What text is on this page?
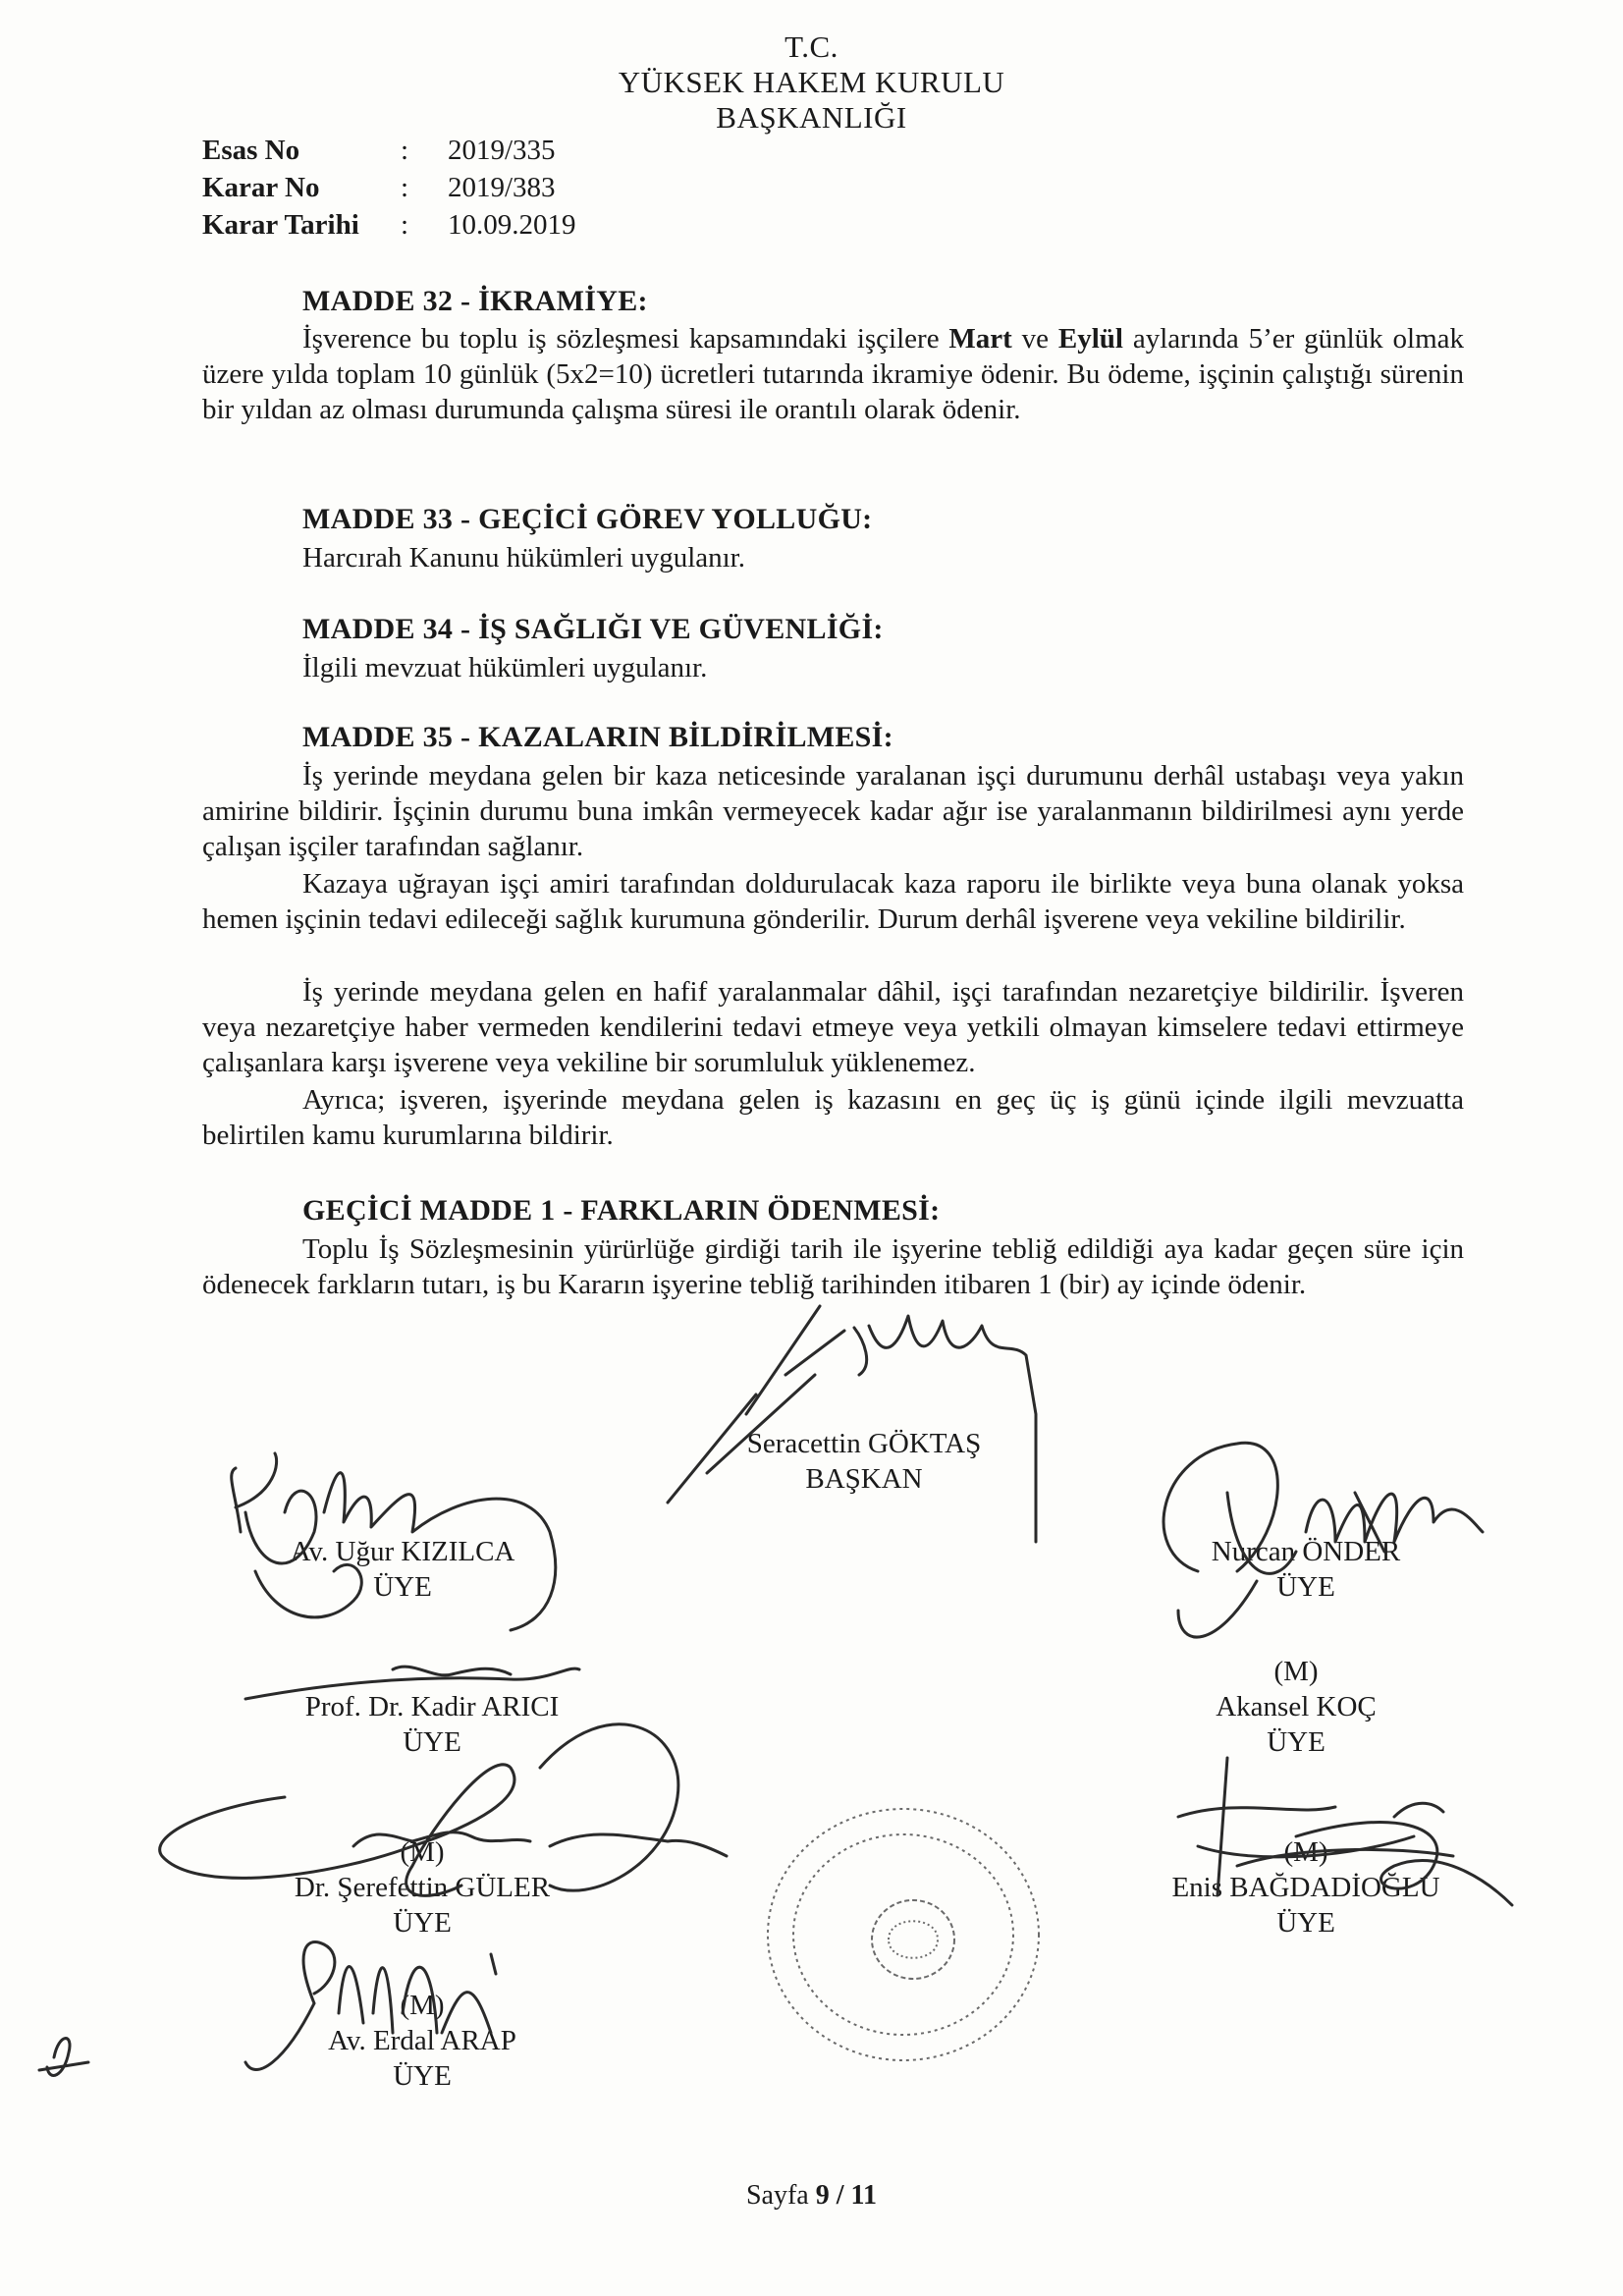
T.C.
YÜKSEK HAKEM KURULU
BAŞKANLIĞI
Esas No	: 2019/335
Karar No	: 2019/383
Karar Tarihi : 10.09.2019
MADDE 32 - İKRAMİYE:
İşverence bu toplu iş sözleşmesi kapsamındaki işçilere Mart ve Eylül aylarında 5’er günlük olmak üzere yılda toplam 10 günlük (5x2=10) ücretleri tutarında ikramiye ödenir. Bu ödeme, işçinin çalıştığı sürenin bir yıldan az olması durumunda çalışma süresi ile orantılı olarak ödenir.
MADDE 33 - GEÇİCİ GÖREV YOLLUĞU:
Harcırah Kanunu hükümleri uygulanır.
MADDE 34 - İŞ SAĞLIĞI VE GÜVENLİĞİ:
İlgili mevzuat hükümleri uygulanır.
MADDE 35 - KAZALARIN BİLDİRİLMESİ:
İş yerinde meydana gelen bir kaza neticesinde yaralanan işçi durumunu derhâl ustabaşı veya yakın amirine bildirir. İşçinin durumu buna imkân vermeyecek kadar ağır ise yaralanmanın bildirilmesi aynı yerde çalışan işçiler tarafından sağlanır.
Kazaya uğrayan işçi amiri tarafından doldurulacak kaza raporu ile birlikte veya buna olanak yoksa hemen işçinin tedavi edileceği sağlık kurumuna gönderilir. Durum derhâl işverene veya vekiline bildirilir.
İş yerinde meydana gelen en hafif yaralanmalar dâhil, işçi tarafından nezaretçiye bildirilir. İşveren veya nezaretçiye haber vermeden kendilerini tedavi etmeye veya yetkili olmayan kimselere tedavi ettirmeye çalışanlara karşı işverene veya vekiline bir sorumluluk yüklenemez.
Ayrıca; işveren, işyerinde meydana gelen iş kazasını en geç üç iş günü içinde ilgili mevzuatta belirtilen kamu kurumlarına bildirir.
GEÇİCİ MADDE 1 - FARKLARIN ÖDENMESİ:
Toplu İş Sözleşmesinin yürürlüğe girdiği tarih ile işyerine tebliğ edildiği aya kadar geçen süre için ödenecek farkların tutarı, iş bu Kararın işyerine tebliğ tarihinden itibaren 1 (bir) ay içinde ödenir.
Seracettin GÖKTAŞ
BAŞKAN
Av. Uğur KIZILCA
ÜYE
Nurcan ÖNDER
ÜYE
Prof. Dr. Kadir ARICI
ÜYE
(M)
Akansel KOÇ
ÜYE
(M)
Dr. Şerefettin GÜLER
ÜYE
(M)
Enis BAĞDADİOĞLU
ÜYE
(M)
Av. Erdal ARAP
ÜYE
Sayfa 9 / 11
